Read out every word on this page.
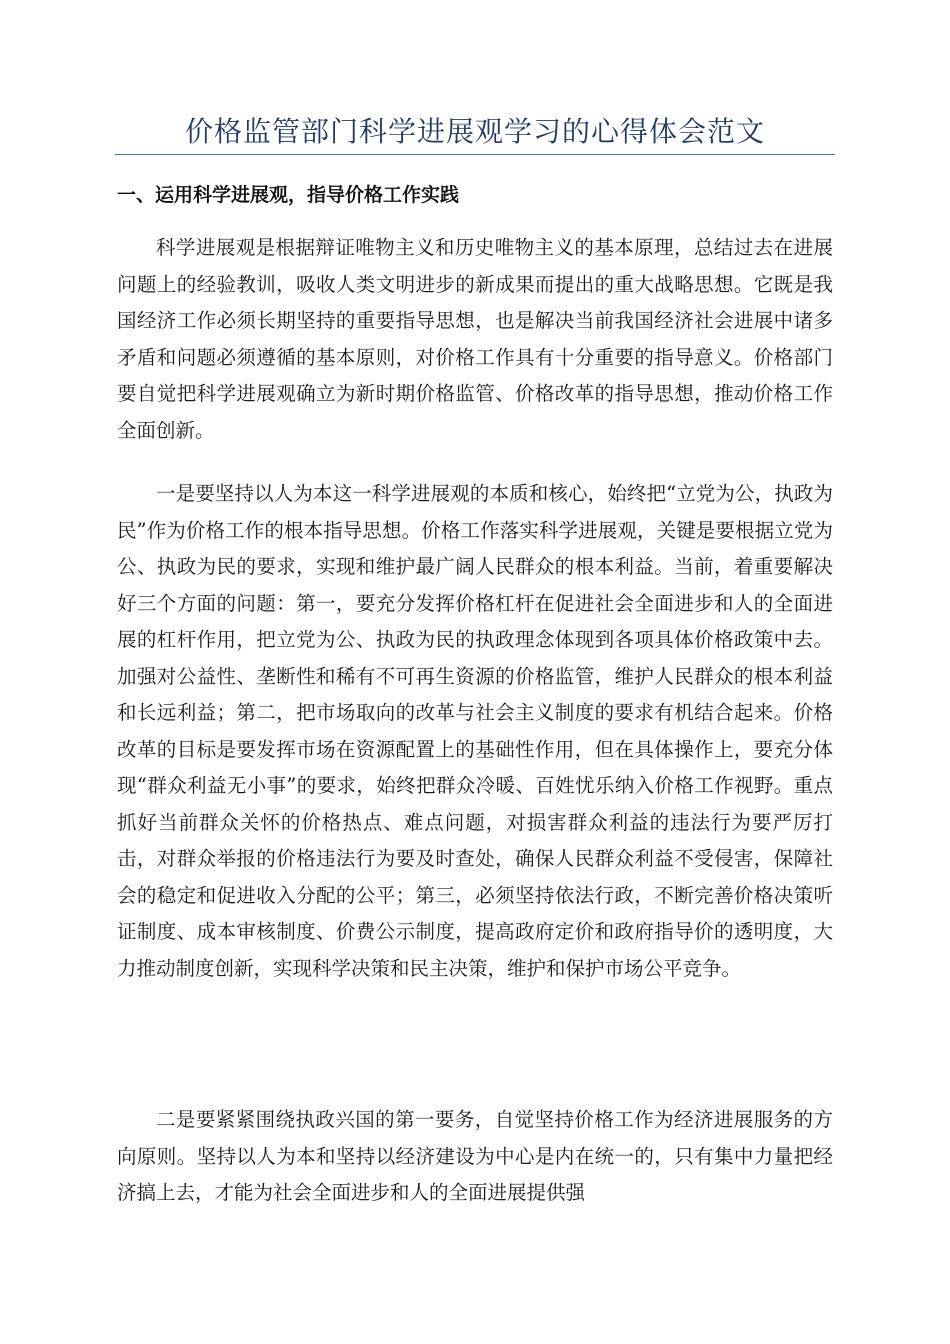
价格监管部门科学进展观学习的心得体会范文
一、运用科学进展观，指导价格工作实践

科学进展观是根据辩证唯物主义和历史唯物主义的基本原理，总结过去在进展问题上的经验教训，吸收人类文明进步的新成果而提出的重大战略思想。它既是我国经济工作必须长期坚持的重要指导思想，也是解决当前我国经济社会进展中诸多矛盾和问题必须遵循的基本原则，对价格工作具有十分重要的指导意义。价格部门要自觉把科学进展观确立为新时期价格监管、价格改革的指导思想，推动价格工作全面创新。

一是要坚持以人为本这一科学进展观的本质和核心，始终把“立党为公，执政为民”作为价格工作的根本指导思想。价格工作落实科学进展观，关键是要根据立党为公、执政为民的要求，实现和维护最广阔人民群众的根本利益。当前，着重要解决好三个方面的问题：第一，要充分发挥价格杠杆在促进社会全面进步和人的全面进展的杠杆作用，把立党为公、执政为民的执政理念体现到各项具体价格政策中去。加强对公益性、垄断性和稀有不可再生资源的价格监管，维护人民群众的根本利益和长远利益；第二，把市场取向的改革与社会主义制度的要求有机结合起来。价格改革的目标是要发挥市场在资源配置上的基础性作用，但在具体操作上，要充分体现“群众利益无小事”的要求，始终把群众冷暖、百姓忧乐纳入价格工作视野。重点抓好当前群众关怀的价格热点、难点问题，对损害群众利益的违法行为要严厉打击，对群众举报的价格违法行为要及时查处，确保人民群众利益不受侵害，保障社会的稳定和促进收入分配的公平；第三，必须坚持依法行政，不断完善价格决策听证制度、成本审核制度、价费公示制度，提高政府定价和政府指导价的透明度，大力推动制度创新，实现科学决策和民主决策，维护和保护市场公平竞争。

二是要紧紧围绕执政兴国的第一要务，自觉坚持价格工作为经济进展服务的方向原则。坚持以人为本和坚持以经济建设为中心是内在统一的，只有集中力量把经济搞上去，才能为社会全面进步和人的全面进展提供强
